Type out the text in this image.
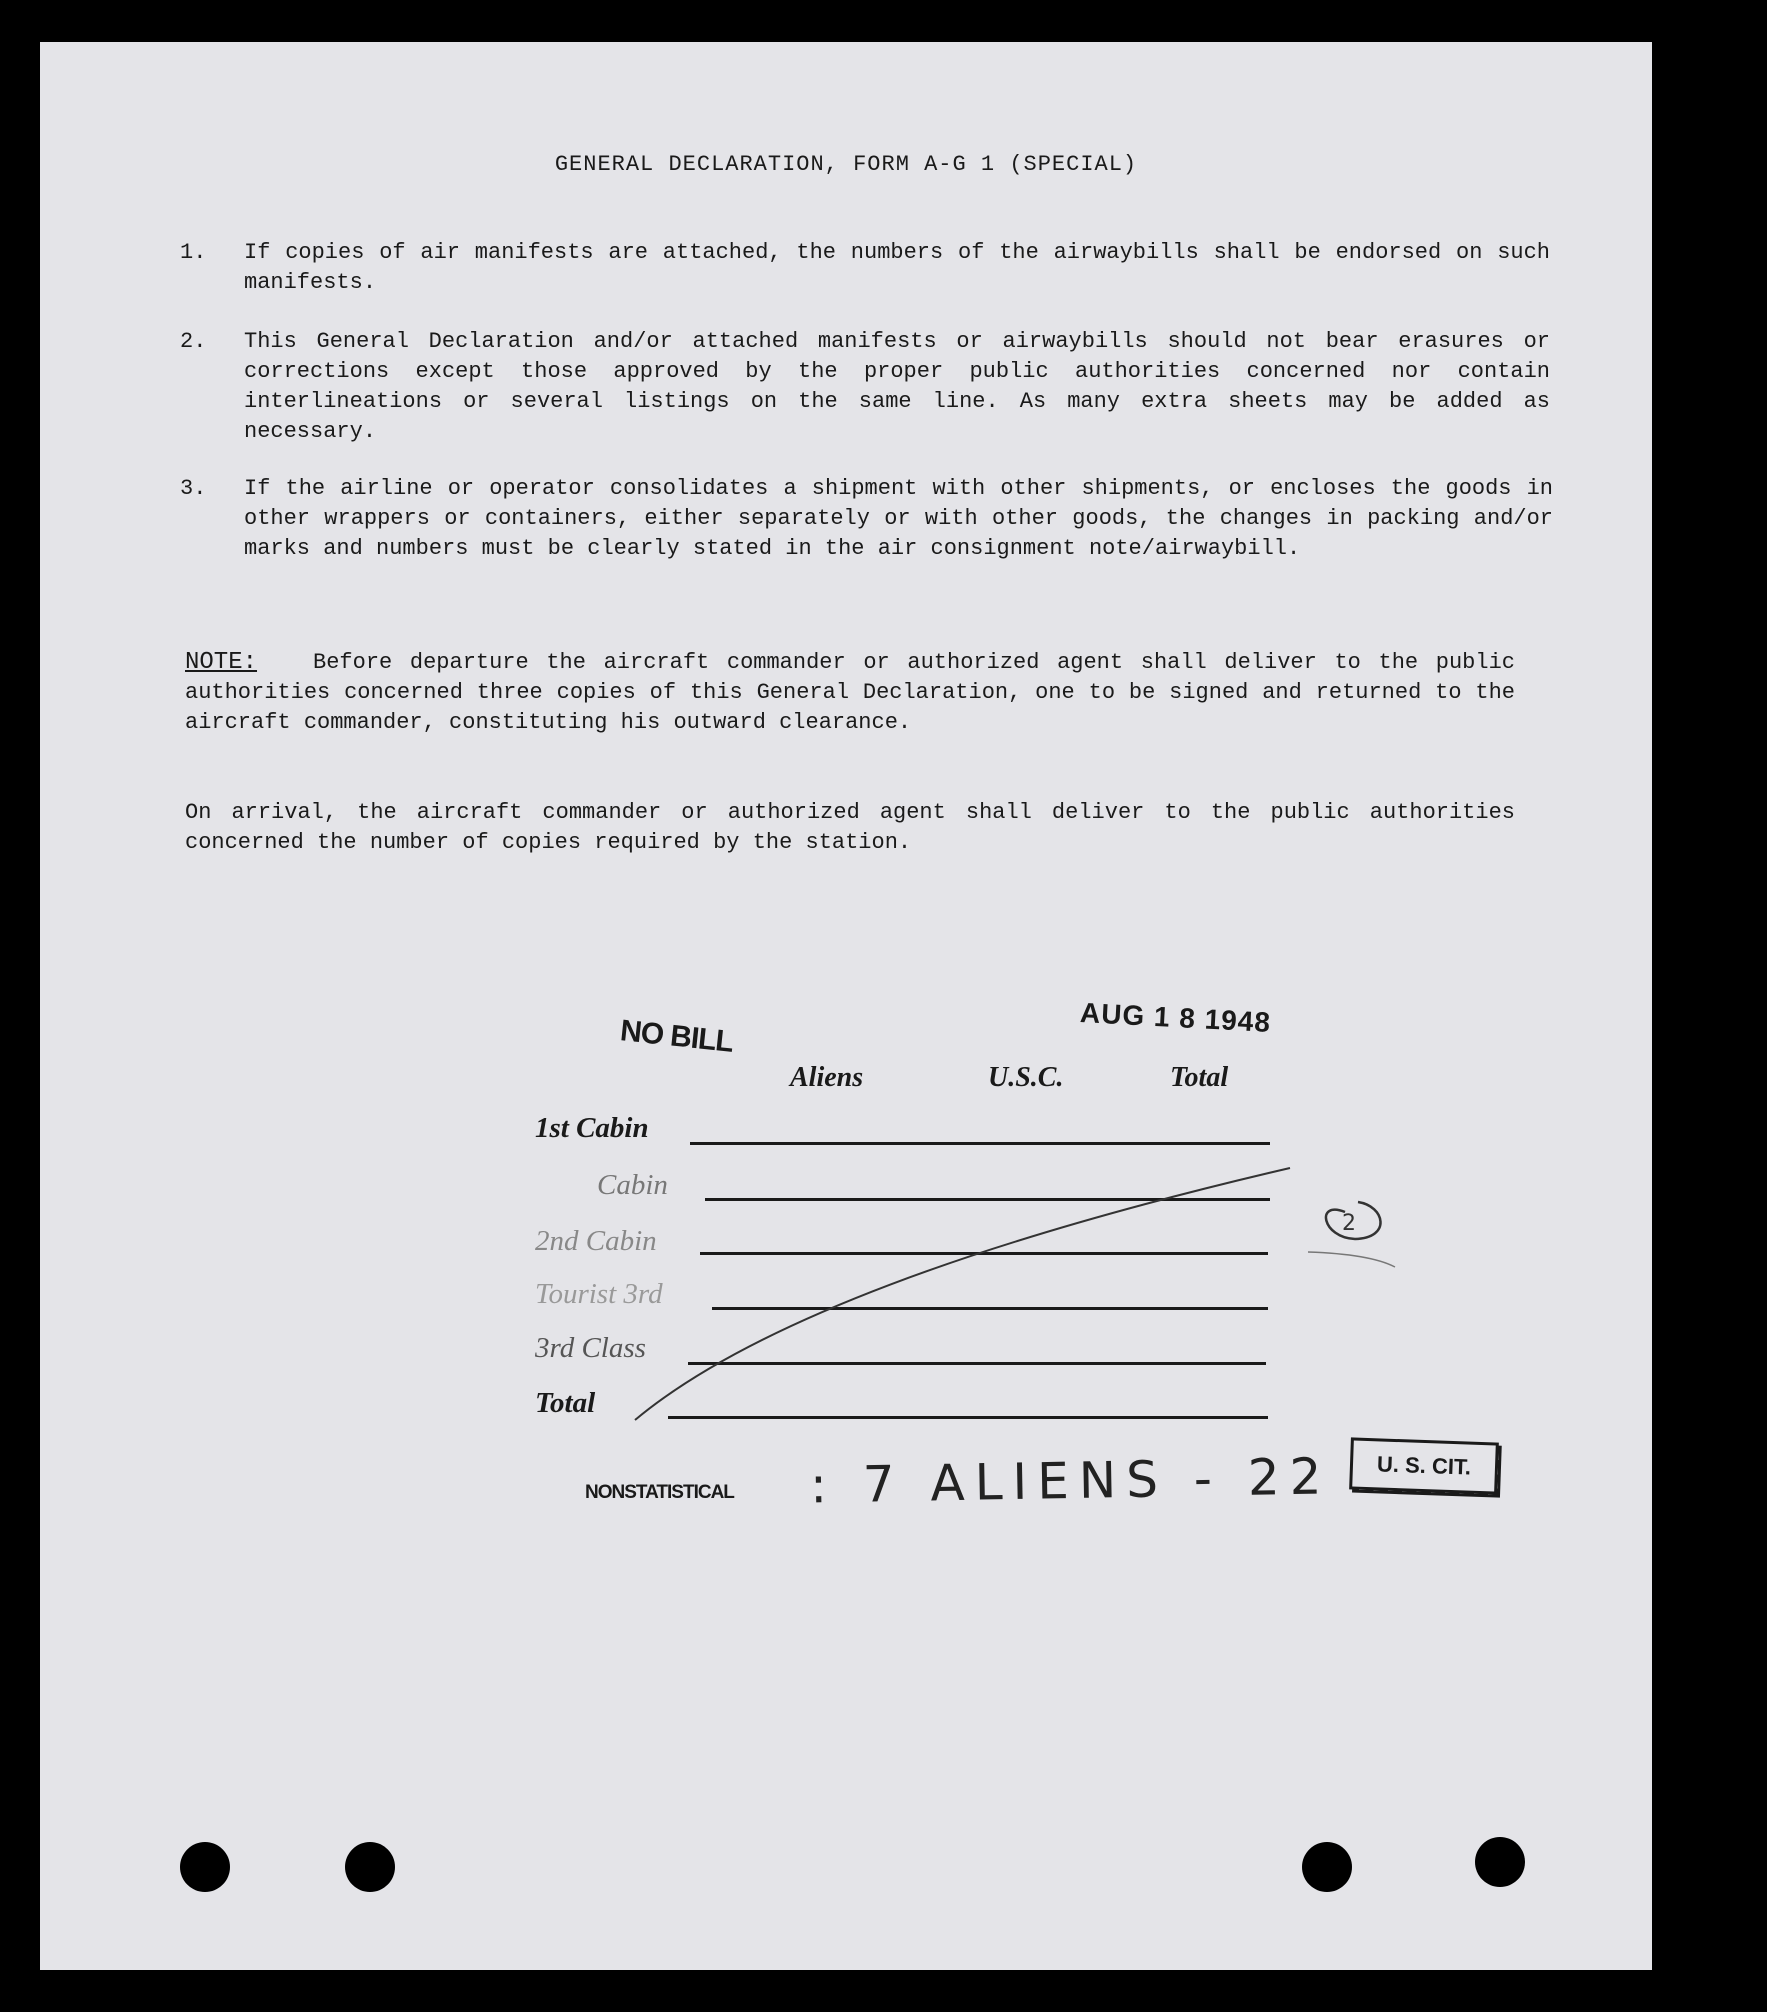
GENERAL DECLARATION, FORM A-G 1 (SPECIAL)
1. If copies of air manifests are attached, the numbers of the airwaybills shall be endorsed on such manifests.
2. This General Declaration and/or attached manifests or airwaybills should not bear erasures or corrections except those approved by the proper public authorities concerned nor contain interlineations or several listings on the same line. As many extra sheets may be added as necessary.
3. If the airline or operator consolidates a shipment with other shipments, or encloses the goods in other wrappers or containers, either separately or with other goods, the changes in packing and/or marks and numbers must be clearly stated in the air consignment note/airwaybill.
NOTE:	Before departure the aircraft commander or authorized agent shall deliver to the public authorities concerned three copies of this General Declaration, one to be signed and returned to the aircraft commander, constituting his outward clearance.
On arrival, the aircraft commander or authorized agent shall deliver to the public authorities concerned the number of copies required by the station.
NO BILL	AUG 1 8 1948
Aliens	U.S.C.	Total
1st Cabin
Cabin
2nd Cabin
Tourist 3rd
3rd Class
Total
NONSTATISTICAL : 7 ALIENS - 22	U. S. CIT.
2
